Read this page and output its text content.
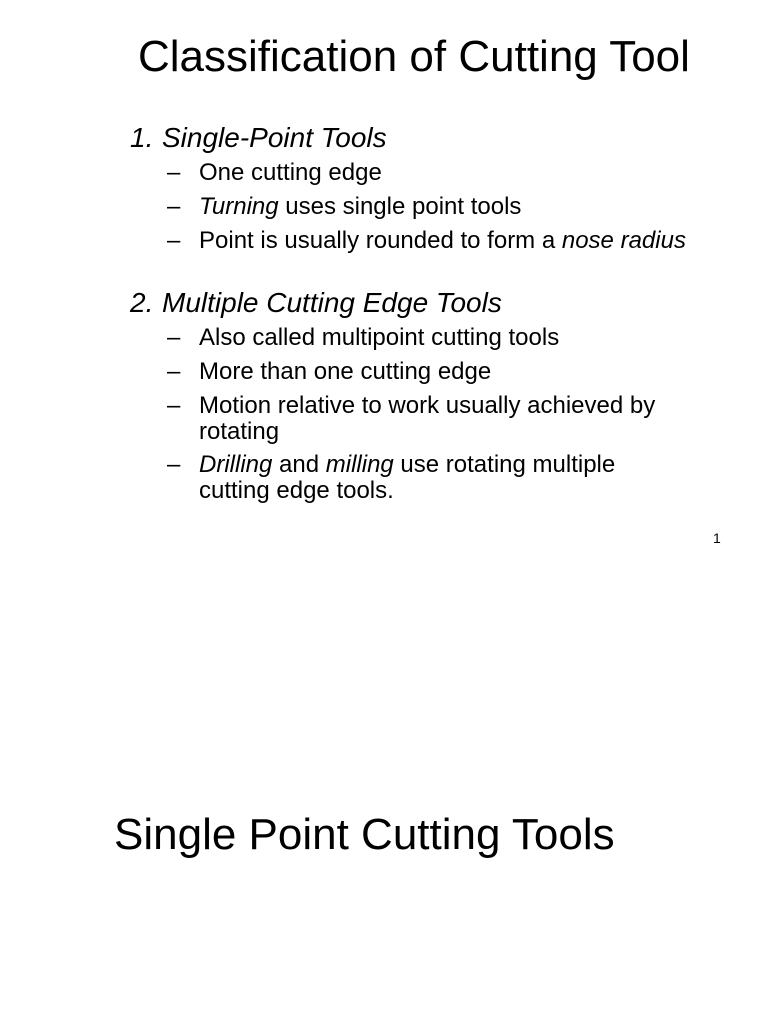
Classification of Cutting Tool
1. Single-Point Tools
– One cutting edge
– Turning uses single point tools
– Point is usually rounded to form a nose radius
2. Multiple Cutting Edge Tools
– Also called multipoint cutting tools
– More than one cutting edge
– Motion relative to work usually achieved by rotating
– Drilling and milling use rotating multiple cutting edge tools.
1
Single Point Cutting Tools
